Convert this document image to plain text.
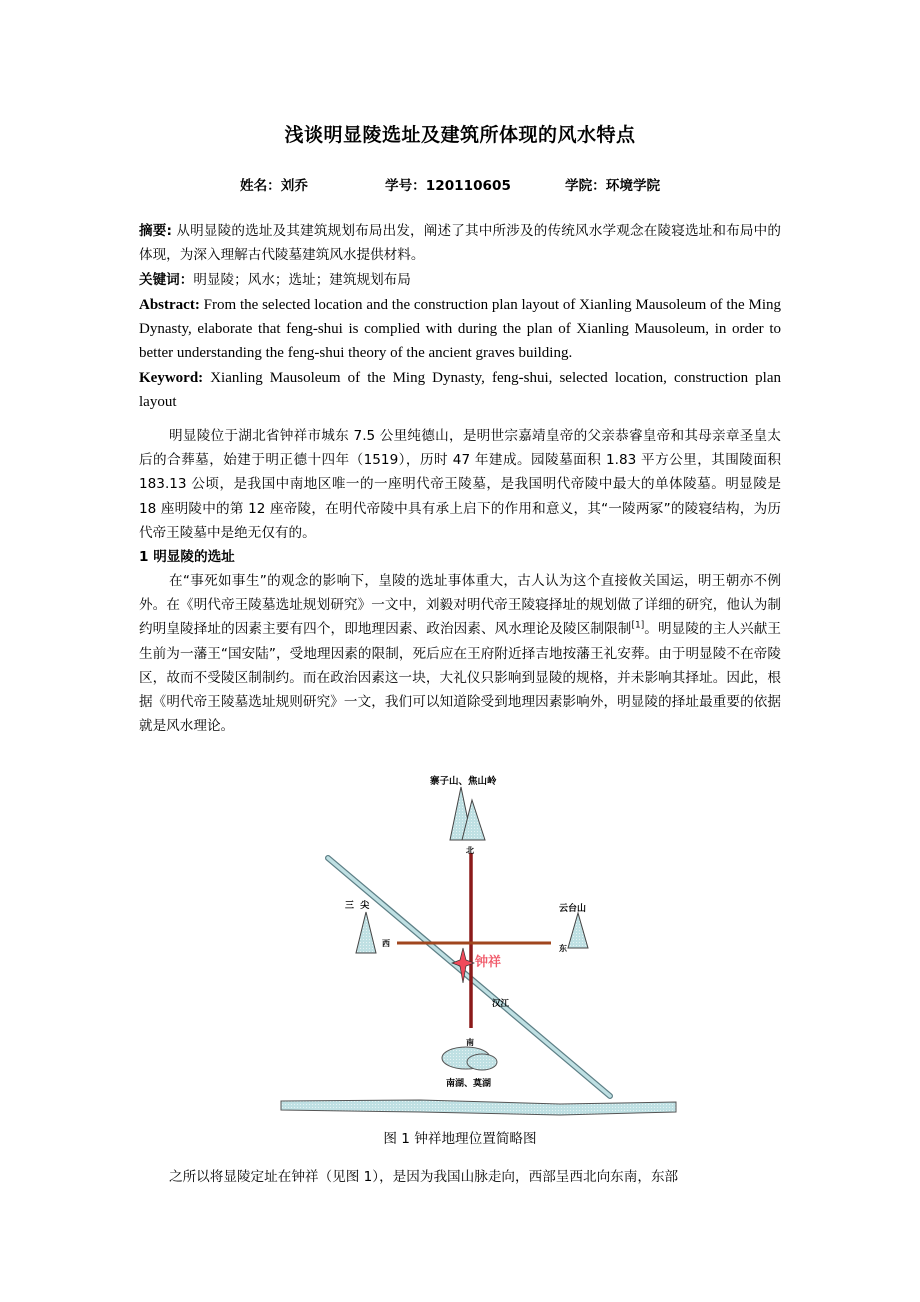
浅谈明显陵选址及建筑所体现的风水特点
姓名：刘乔	学号：120110605	学院：环境学院
摘要: 从明显陵的选址及其建筑规划布局出发，阐述了其中所涉及的传统风水学观念在陵寝选址和布局中的体现，为深入理解古代陵墓建筑风水提供材料。
关键词：明显陵；风水；选址；建筑规划布局
Abstract: From the selected location and the construction plan layout of Xianling Mausoleum of the Ming Dynasty, elaborate that feng-shui is complied with during the plan of Xianling Mausoleum, in order to better understanding the feng-shui theory of the ancient graves building.
Keyword: Xianling Mausoleum of the Ming Dynasty, feng-shui, selected location, construction plan layout
明显陵位于湖北省钟祥市城东 7.5 公里纯德山，是明世宗嘉靖皇帝的父亲恭睿皇帝和其母亲章圣皇太后的合葬墓，始建于明正德十四年（1519），历时 47 年建成。园陵墓面积 1.83 平方公里，其围陵面积 183.13 公顷，是我国中南地区唯一的一座明代帝王陵墓，是我国明代帝陵中最大的单体陵墓。明显陵是 18 座明陵中的第 12 座帝陵，在明代帝陵中具有承上启下的作用和意义，其“一陵两冢”的陵寝结构，为历代帝王陵墓中是绝无仅有的。
1 明显陵的选址
在“事死如事生”的观念的影响下，皇陵的选址事体重大，古人认为这个直接攸关国运，明王朝亦不例外。在《明代帝王陵墓选址规划研究》一文中，刘毅对明代帝王陵寝择址的规划做了详细的研究，他认为制约明皇陵择址的因素主要有四个，即地理因素、政治因素、风水理论及陵区制限制[1]。明显陵的主人兴献王生前为一藩王“国安陆”，受地理因素的限制，死后应在王府附近择吉地按藩王礼安葬。由于明显陵不在帝陵区，故而不受陵区制制约。而在政治因素这一块，大礼仪只影响到显陵的规格，并未影响其择址。因此，根据《明代帝王陵墓选址规则研究》一文，我们可以知道除受到地理因素影响外，明显陵的择址最重要的依据就是风水理论。
寨子山、焦山岭
北
三  尖
西
云台山
东
钟祥
汉江
南
南湖、莫湖
图 1 钟祥地理位置简略图
之所以将显陵定址在钟祥（见图 1），是因为我国山脉走向，西部呈西北向东南，东部
